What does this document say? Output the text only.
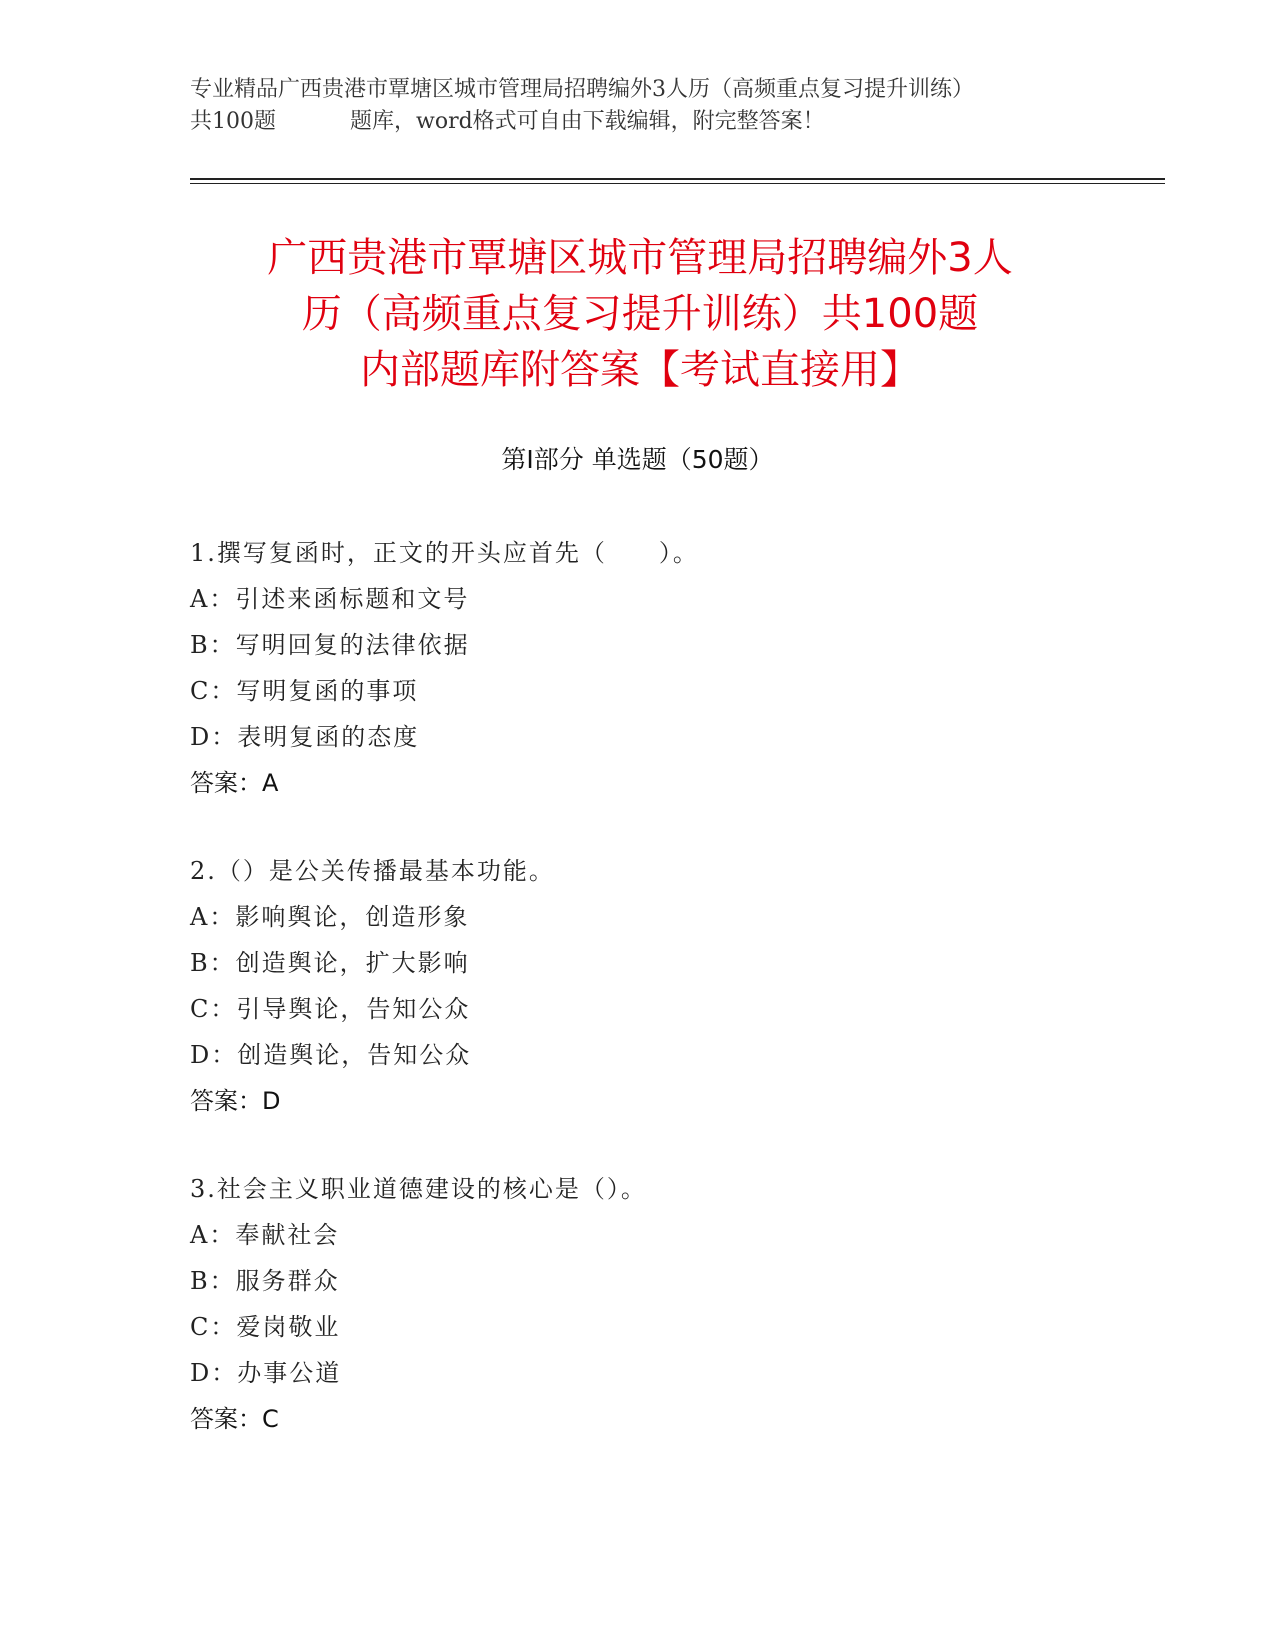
专业精品广西贵港市覃塘区城市管理局招聘编外3人历（高频重点复习提升训练）
共100题	题库，word格式可自由下载编辑，附完整答案！
广西贵港市覃塘区城市管理局招聘编外3人
历（高频重点复习提升训练）共100题
内部题库附答案【考试直接用】
第I部分 单选题（50题）
1.撰写复函时，正文的开头应首先（　　）。
A：引述来函标题和文号
B：写明回复的法律依据
C：写明复函的事项
D：表明复函的态度
答案：A
2.（）是公关传播最基本功能。
A：影响舆论，创造形象
B：创造舆论，扩大影响
C：引导舆论，告知公众
D：创造舆论，告知公众
答案：D
3.社会主义职业道德建设的核心是（）。
A：奉献社会
B：服务群众
C：爱岗敬业
D：办事公道
答案：C
